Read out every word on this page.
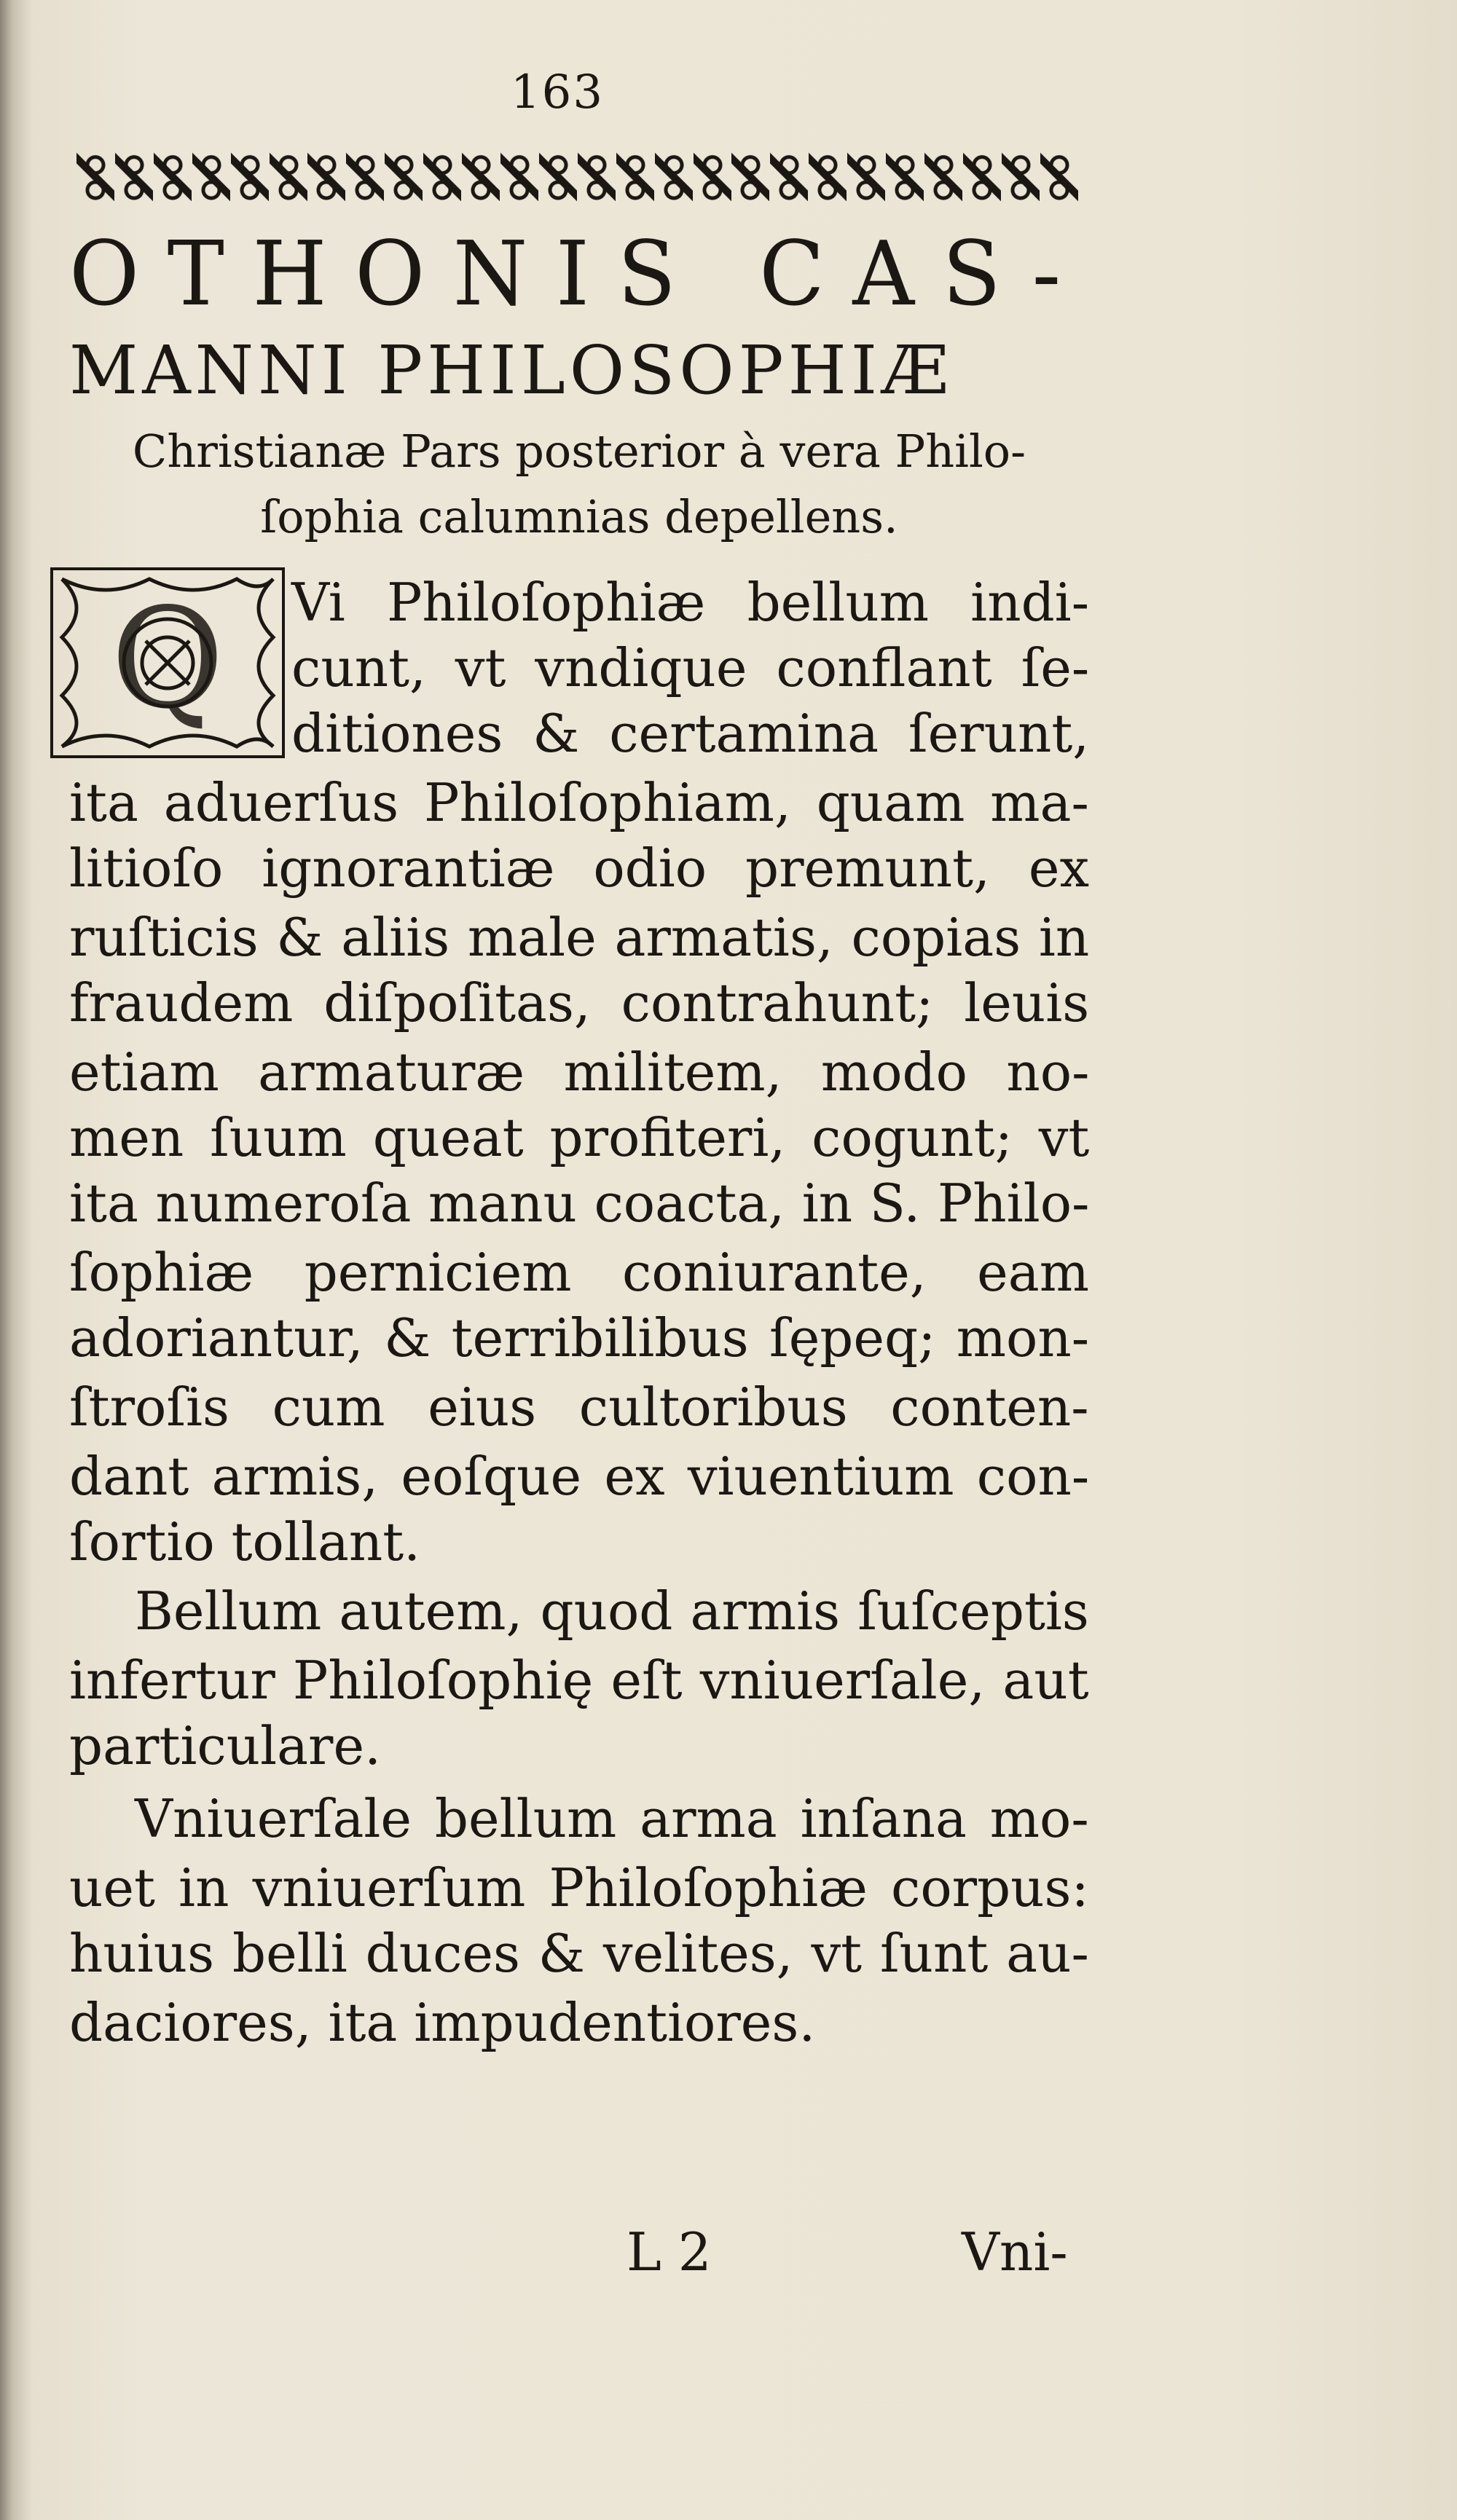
163
OTHONIS CAS-
MANNI PHILOSOPHIÆ
Christianæ Pars posterior à vera Philo-
ſophia calumnias depellens.
Q Vi Philoſophiæ bellum indi-
cunt, vt vndique conflant ſe-
ditiones & certamina ſerunt,
ita aduerſus Philoſophiam, quam ma-
litioſo ignorantiæ odio premunt, ex
ruſticis & aliis male armatis, copias in
fraudem diſpoſitas, contrahunt; leuis
etiam armaturæ militem, modo no-
men ſuum queat profiteri, cogunt; vt
ita numeroſa manu coacta, in S. Philo-
ſophiæ perniciem coniurante, eam
adoriantur, & terribilibus ſępeq; mon-
ſtroſis cum eius cultoribus conten-
dant armis, eoſque ex viuentium con-
ſortio tollant.
Bellum autem, quod armis ſuſceptis
infertur Philoſophię eſt vniuerſale, aut
particulare.
Vniuerſale bellum arma inſana mo-
uet in vniuerſum Philoſophiæ corpus:
huius belli duces & velites, vt ſunt au-
daciores, ita impudentiores.
L 2	Vni-
